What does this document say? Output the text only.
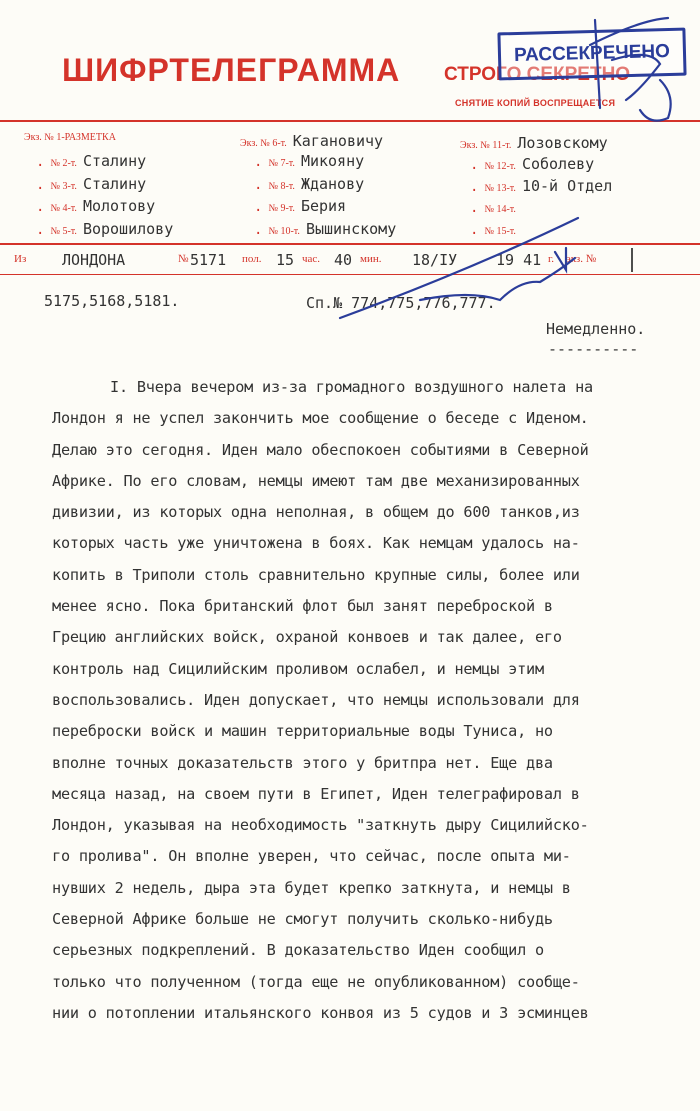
ШИФРТЕЛЕГРАММА СТРОГО СЕКРЕТНО
СНЯТИЕ КОПИЙ ВОСПРЕЩАЕТСЯ
РАССЕКРЕЧЕНО
Экз. № 1-РАЗМЕТКА
. № 2-т. Сталину
. № 3-т. Сталину
. № 4-т. Молотову
. № 5-т. Ворошилову
Экз. № 6-т. Кагановичу
. № 7-т. Микояну
. № 8-т. Жданову
. № 9-т. Берия
. № 10-т. Вышинскому
Экз. № 11-т. Лозовскому
. № 12-т. Соболеву
. № 13-т. 10-й Отдел
. № 14-т.
. № 15-т.
Из ЛОНДОНА	№ 5171 пол. 15 час. 40 мин. 18/IУ	19 41 г. экз. №
5175,5168,5181.	Сп.№ 774,775,776,777.
Немедленно.
----------
I. Вчера вечером из-за громадного воздушного налета на
Лондон я не успел закончить мое сообщение о беседе с Иденом.
Делаю это сегодня. Иден мало обеспокоен событиями в Северной
Африке. По его словам, немцы имеют там две механизированных
дивизии, из которых одна неполная, в общем до 600 танков,из
которых часть уже уничтожена в боях. Как немцам удалось на-
копить в Триполи столь сравнительно крупные силы, более или
менее ясно. Пока британский флот был занят переброской в
Грецию английских войск, охраной конвоев и так далее, его
контроль над Сицилийским проливом ослабел, и немцы этим
воспользовались. Иден допускает, что немцы использовали для
переброски войск и машин территориальные воды Туниса, но
вполне точных доказательств этого у бритпра нет. Еще два
месяца назад, на своем пути в Египет, Иден телеграфировал в
Лондон, указывая на необходимость "заткнуть дыру Сицилийско-
го пролива". Он вполне уверен, что сейчас, после опыта ми-
нувших 2 недель, дыра эта будет крепко заткнута, и немцы в
Северной Африке больше не смогут получить сколько-нибудь
серьезных подкреплений. В доказательство Иден сообщил о
только что полученном (тогда еще не опубликованном) сообще-
нии о потоплении итальянского конвоя из 5 судов и 3 эсминцев
